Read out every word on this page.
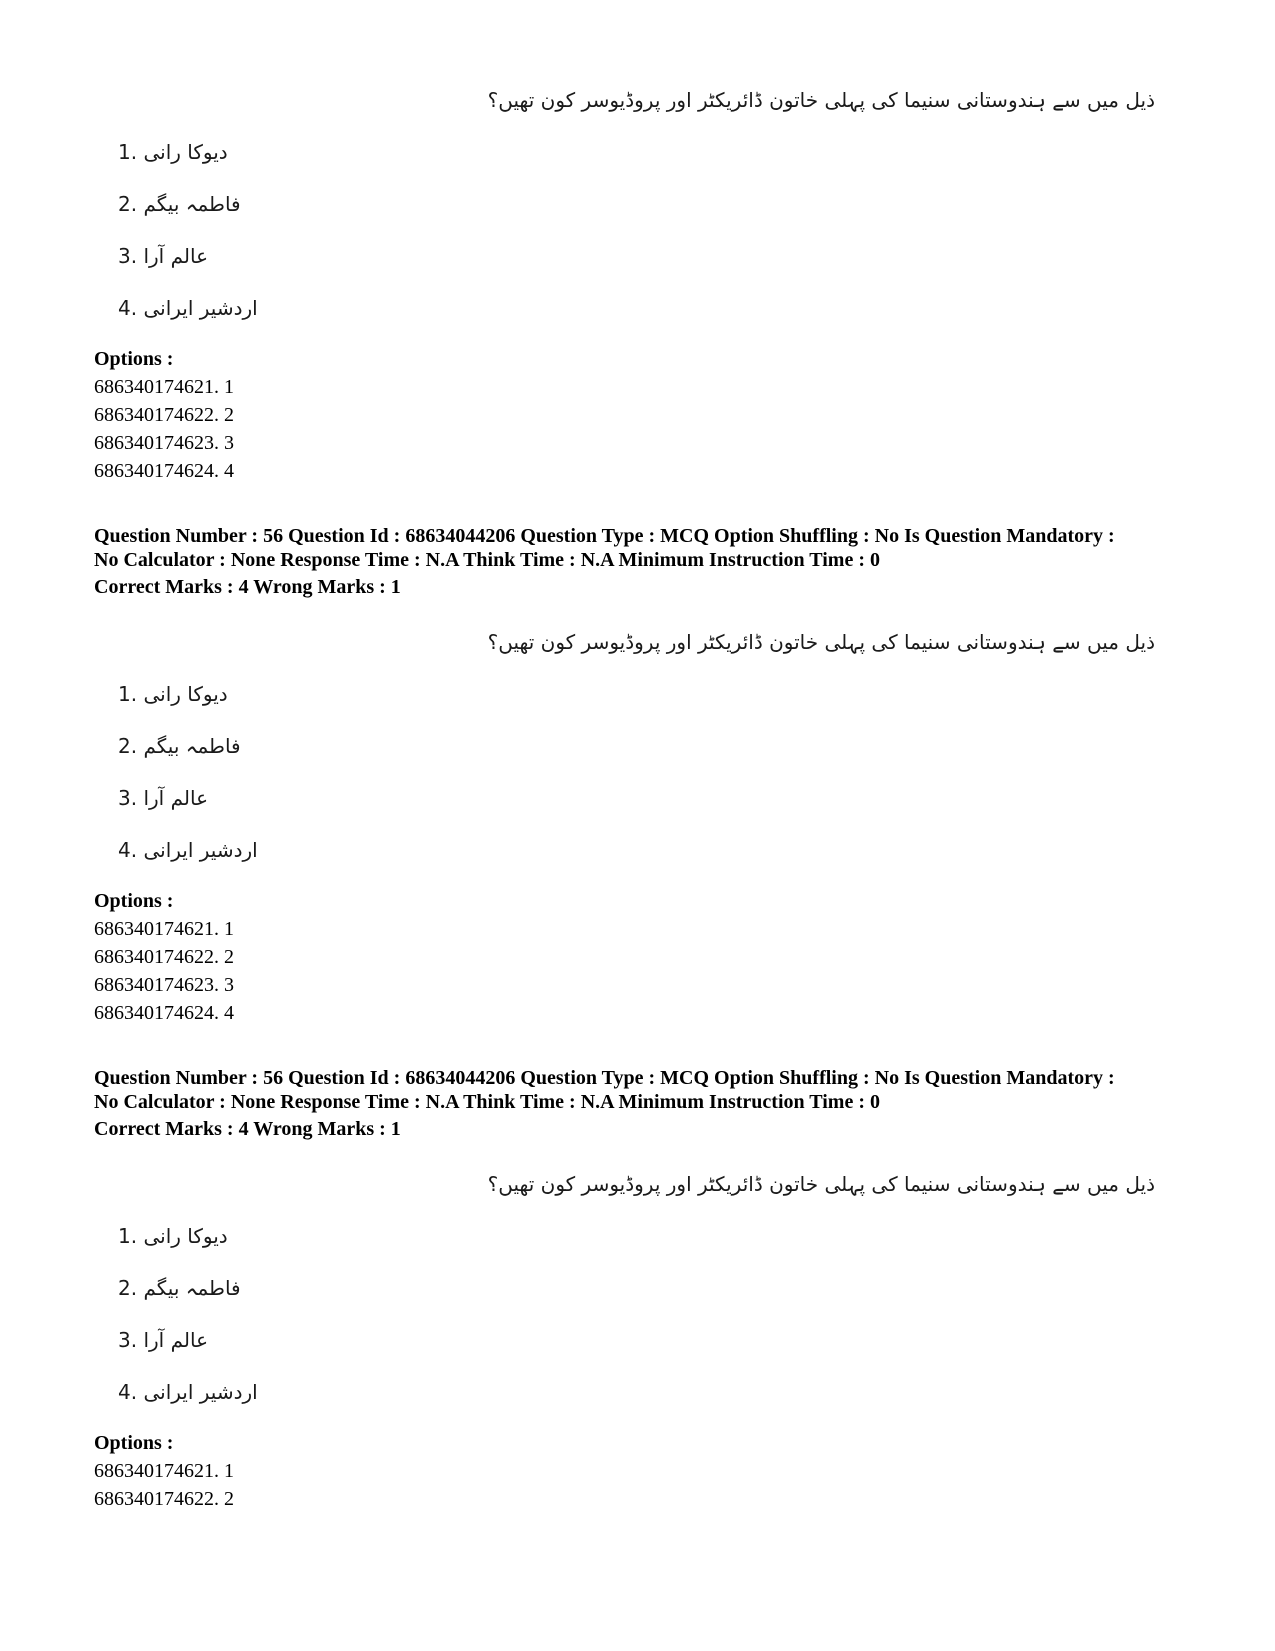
ذیل میں سے ہندوستانی سنیما کی پہلی خاتون ڈائریکٹر اور پروڈیوسر کون تھیں؟
1. دیوکا رانی
2. فاطمہ بیگم
3. عالم آرا
4. اردشیر ایرانی
Options :
686340174621. 1
686340174622. 2
686340174623. 3
686340174624. 4
Question Number : 56 Question Id : 68634044206 Question Type : MCQ Option Shuffling : No Is Question Mandatory :
No Calculator : None Response Time : N.A Think Time : N.A Minimum Instruction Time : 0
Correct Marks : 4 Wrong Marks : 1
ذیل میں سے ہندوستانی سنیما کی پہلی خاتون ڈائریکٹر اور پروڈیوسر کون تھیں؟
1. دیوکا رانی
2. فاطمہ بیگم
3. عالم آرا
4. اردشیر ایرانی
Options :
686340174621. 1
686340174622. 2
686340174623. 3
686340174624. 4
Question Number : 56 Question Id : 68634044206 Question Type : MCQ Option Shuffling : No Is Question Mandatory :
No Calculator : None Response Time : N.A Think Time : N.A Minimum Instruction Time : 0
Correct Marks : 4 Wrong Marks : 1
ذیل میں سے ہندوستانی سنیما کی پہلی خاتون ڈائریکٹر اور پروڈیوسر کون تھیں؟
1. دیوکا رانی
2. فاطمہ بیگم
3. عالم آرا
4. اردشیر ایرانی
Options :
686340174621. 1
686340174622. 2
